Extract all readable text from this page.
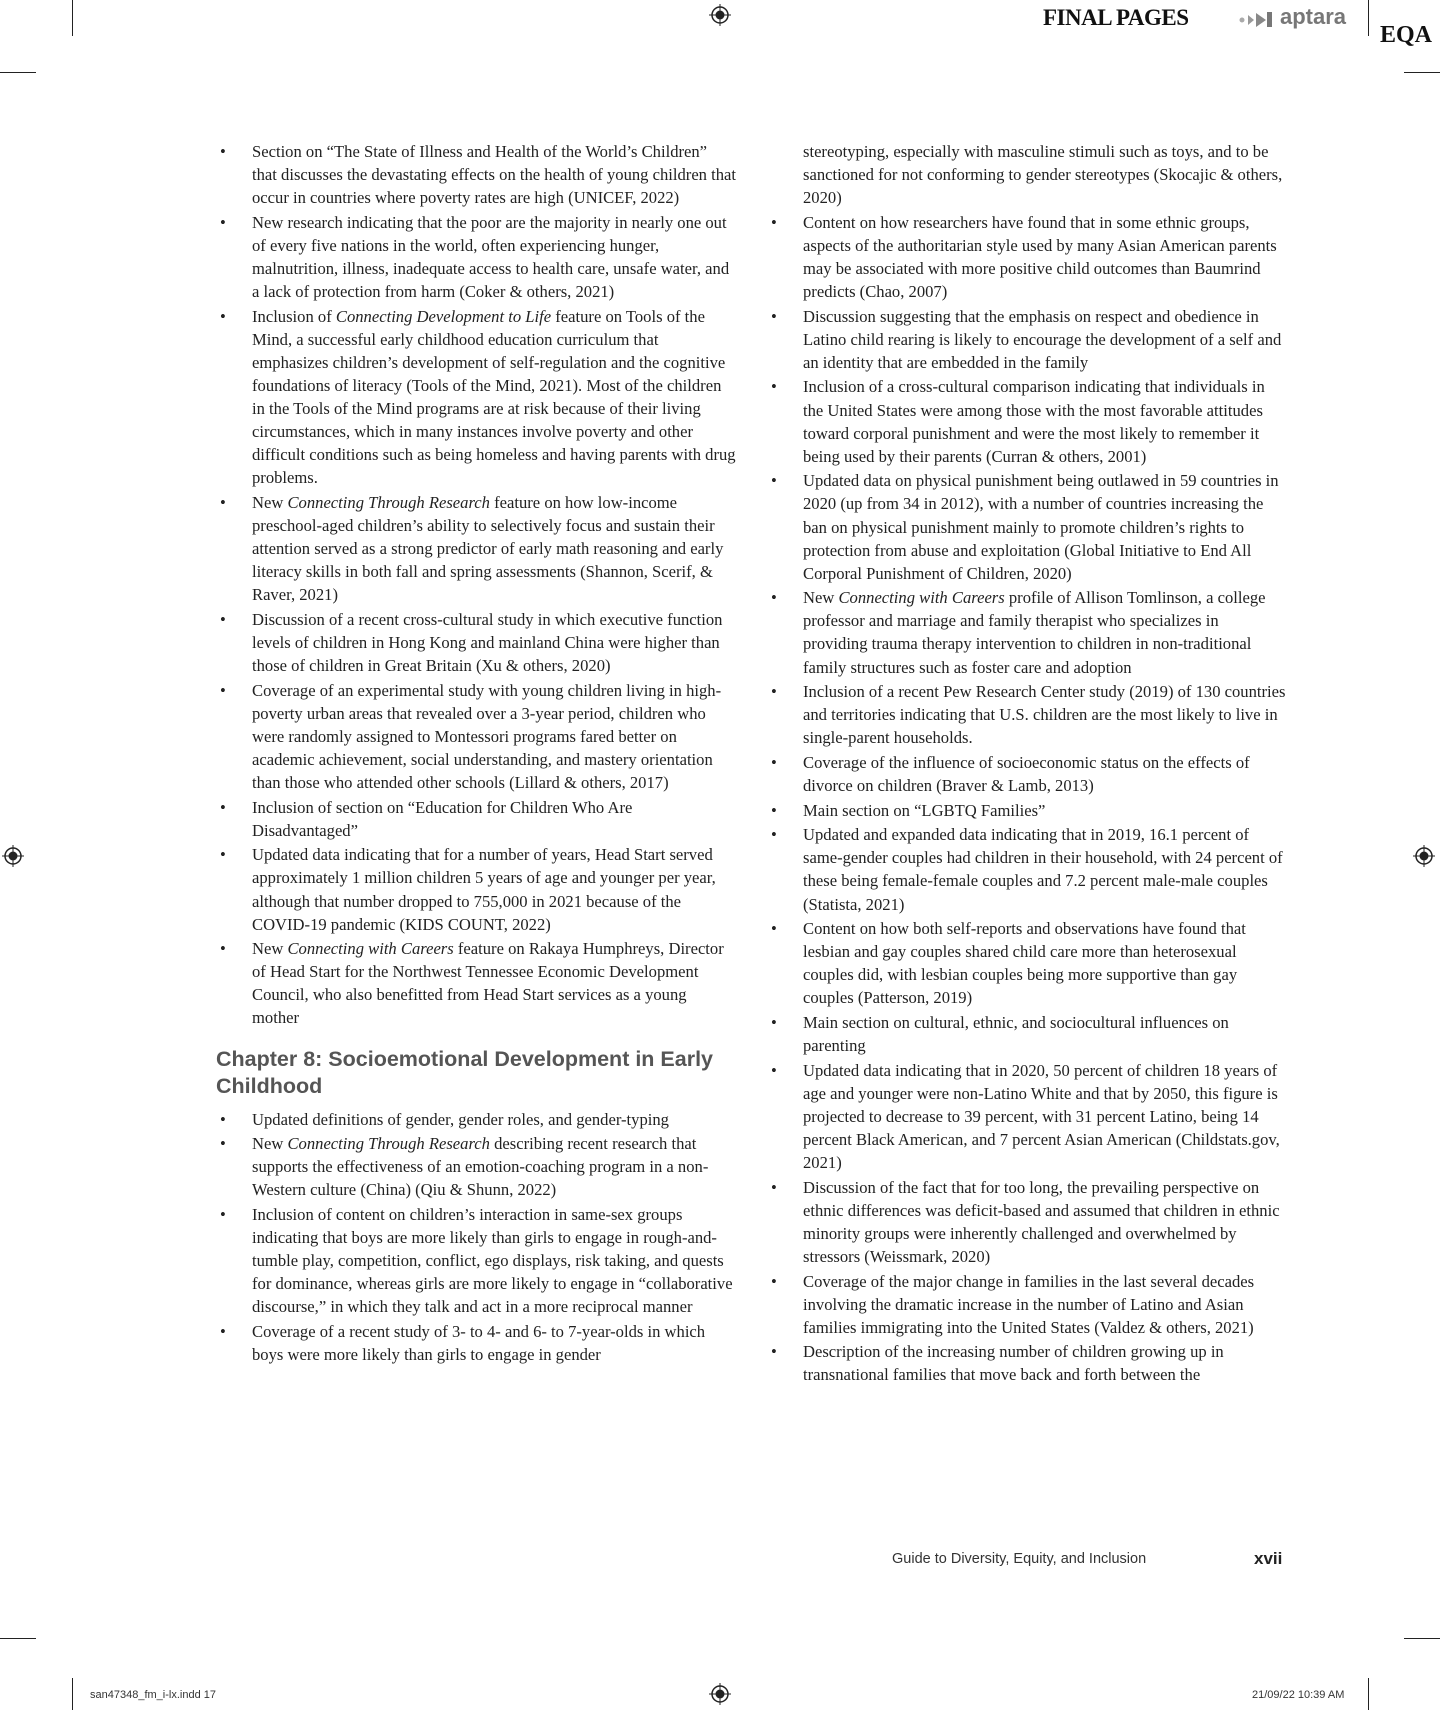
FINAL PAGES	aptara
EQA
• Section on “The State of Illness and Health of the World’s Children” that discusses the devastating effects on the health of young children that occur in countries where poverty rates are high (UNICEF, 2022)
• New research indicating that the poor are the majority in nearly one out of every five nations in the world, often experiencing hunger, malnutrition, illness, inadequate access to health care, unsafe water, and a lack of protection from harm (Coker & others, 2021)
• Inclusion of Connecting Development to Life feature on Tools of the Mind, a successful early childhood education curriculum that emphasizes children’s development of self-regulation and the cognitive foundations of literacy (Tools of the Mind, 2021). Most of the children in the Tools of the Mind programs are at risk because of their living circumstances, which in many instances involve poverty and other difficult conditions such as being homeless and having parents with drug problems.
• New Connecting Through Research feature on how low-income preschool-aged children’s ability to selectively focus and sustain their attention served as a strong predictor of early math reasoning and early literacy skills in both fall and spring assessments (Shannon, Scerif, & Raver, 2021)
• Discussion of a recent cross-cultural study in which executive function levels of children in Hong Kong and mainland China were higher than those of children in Great Britain (Xu & others, 2020)
• Coverage of an experimental study with young children living in high-poverty urban areas that revealed over a 3-year period, children who were randomly assigned to Montessori programs fared better on academic achievement, social understanding, and mastery orientation than those who attended other schools (Lillard & others, 2017)
• Inclusion of section on “Education for Children Who Are Disadvantaged”
• Updated data indicating that for a number of years, Head Start served approximately 1 million children 5 years of age and younger per year, although that number dropped to 755,000 in 2021 because of the COVID-19 pandemic (KIDS COUNT, 2022)
• New Connecting with Careers feature on Rakaya Humphreys, Director of Head Start for the Northwest Tennessee Economic Development Council, who also benefitted from Head Start services as a young mother
Chapter 8: Socioemotional Development in Early Childhood
• Updated definitions of gender, gender roles, and gender-typing
• New Connecting Through Research describing recent research that supports the effectiveness of an emotion-coaching program in a non-Western culture (China) (Qiu & Shunn, 2022)
• Inclusion of content on children’s interaction in same-sex groups indicating that boys are more likely than girls to engage in rough-and-tumble play, competition, conflict, ego displays, risk taking, and quests for dominance, whereas girls are more likely to engage in “collaborative discourse,” in which they talk and act in a more reciprocal manner
• Coverage of a recent study of 3- to 4- and 6- to 7-year-olds in which boys were more likely than girls to engage in gender
stereotyping, especially with masculine stimuli such as toys, and to be sanctioned for not conforming to gender stereotypes (Skocajic & others, 2020)
• Content on how researchers have found that in some ethnic groups, aspects of the authoritarian style used by many Asian American parents may be associated with more positive child outcomes than Baumrind predicts (Chao, 2007)
• Discussion suggesting that the emphasis on respect and obedience in Latino child rearing is likely to encourage the development of a self and an identity that are embedded in the family
• Inclusion of a cross-cultural comparison indicating that individuals in the United States were among those with the most favorable attitudes toward corporal punishment and were the most likely to remember it being used by their parents (Curran & others, 2001)
• Updated data on physical punishment being outlawed in 59 countries in 2020 (up from 34 in 2012), with a number of countries increasing the ban on physical punishment mainly to promote children’s rights to protection from abuse and exploitation (Global Initiative to End All Corporal Punishment of Children, 2020)
• New Connecting with Careers profile of Allison Tomlinson, a college professor and marriage and family therapist who specializes in providing trauma therapy intervention to children in non-traditional family structures such as foster care and adoption
• Inclusion of a recent Pew Research Center study (2019) of 130 countries and territories indicating that U.S. children are the most likely to live in single-parent households.
• Coverage of the influence of socioeconomic status on the effects of divorce on children (Braver & Lamb, 2013)
• Main section on “LGBTQ Families”
• Updated and expanded data indicating that in 2019, 16.1 percent of same-gender couples had children in their household, with 24 percent of these being female-female couples and 7.2 percent male-male couples (Statista, 2021)
• Content on how both self-reports and observations have found that lesbian and gay couples shared child care more than heterosexual couples did, with lesbian couples being more supportive than gay couples (Patterson, 2019)
• Main section on cultural, ethnic, and sociocultural influences on parenting
• Updated data indicating that in 2020, 50 percent of children 18 years of age and younger were non-Latino White and that by 2050, this figure is projected to decrease to 39 percent, with 31 percent Latino, being 14 percent Black American, and 7 percent Asian American (Childstats.gov, 2021)
• Discussion of the fact that for too long, the prevailing perspective on ethnic differences was deficit-based and assumed that children in ethnic minority groups were inherently challenged and overwhelmed by stressors (Weissmark, 2020)
• Coverage of the major change in families in the last several decades involving the dramatic increase in the number of Latino and Asian families immigrating into the United States (Valdez & others, 2021)
• Description of the increasing number of children growing up in transnational families that move back and forth between the
Guide to Diversity, Equity, and Inclusion	xvii
san47348_fm_i-lx.indd 17	21/09/22 10:39 AM
